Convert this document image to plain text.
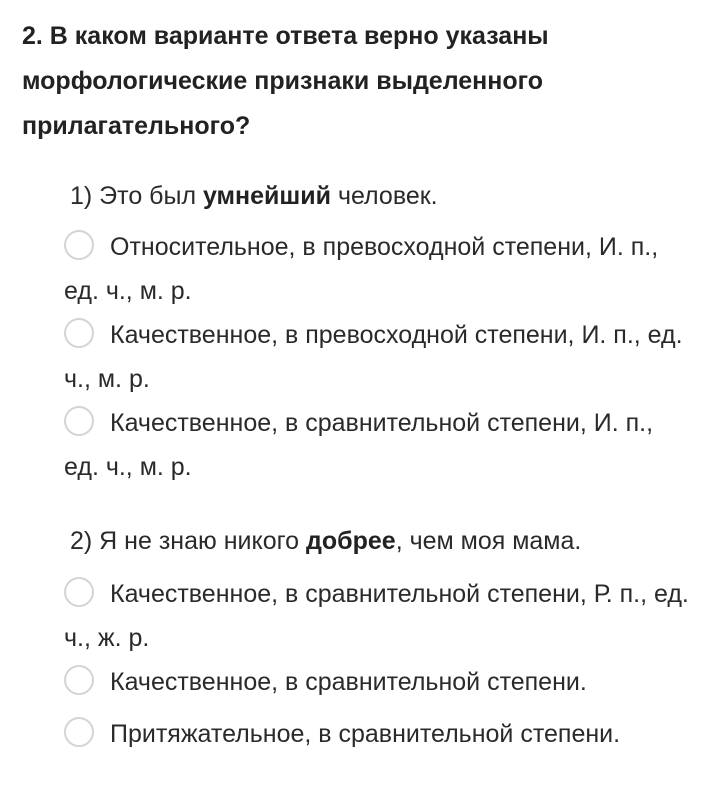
2. В каком варианте ответа верно указаны морфологические признаки выделенного прилагательного?

1) Это был умнейший человек.
Относительное, в превосходной степени, И. п., ед. ч., м. р.
Качественное, в превосходной степени, И. п., ед. ч., м. р.
Качественное, в сравнительной степени, И. п., ед. ч., м. р.
2) Я не знаю никого добрее, чем моя мама.
Качественное, в сравнительной степени, Р. п., ед. ч., ж. р.
Качественное, в сравнительной степени.
Притяжательное, в сравнительной степени.
